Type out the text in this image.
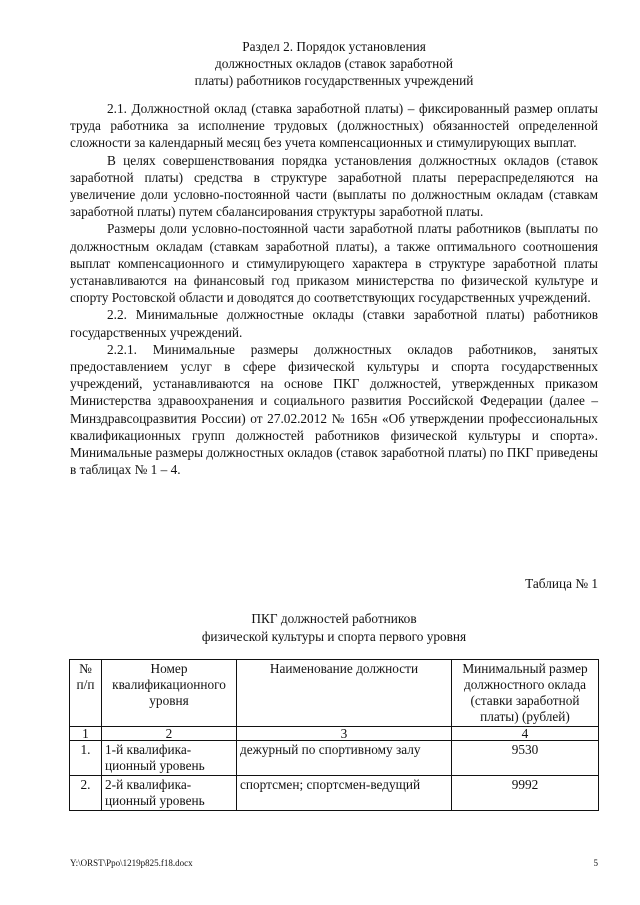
Раздел 2. Порядок установления
должностных окладов (ставок заработной
платы) работников государственных учреждений

2.1. Должностной оклад (ставка заработной платы) – фиксированный размер оплаты труда работника за исполнение трудовых (должностных) обязанностей определенной сложности за календарный месяц без учета компенсационных и стимулирующих выплат.

В целях совершенствования порядка установления должностных окладов (ставок заработной платы) средства в структуре заработной платы перераспределяются на увеличение доли условно-постоянной части (выплаты по должностным окладам (ставкам заработной платы) путем сбалансирования структуры заработной платы.

Размеры доли условно-постоянной части заработной платы работников (выплаты по должностным окладам (ставкам заработной платы), а также оптимального соотношения выплат компенсационного и стимулирующего характера в структуре заработной платы устанавливаются на финансовый год приказом министерства по физической культуре и спорту Ростовской области и доводятся до соответствующих государственных учреждений.

2.2. Минимальные должностные оклады (ставки заработной платы) работников государственных учреждений.

2.2.1. Минимальные размеры должностных окладов работников, занятых предоставлением услуг в сфере физической культуры и спорта государственных учреждений, устанавливаются на основе ПКГ должностей, утвержденных приказом Министерства здравоохранения и социального развития Российской Федерации (далее – Минздравсоцразвития России) от 27.02.2012 № 165н «Об утверждении профессиональных квалификационных групп должностей работников физической культуры и спорта». Минимальные размеры должностных окладов (ставок заработной платы) по ПКГ приведены в таблицах № 1 – 4.

Таблица № 1
ПКГ должностей работников
физической культуры и спорта первого уровня
№ п/п	Номер квалификационного уровня	Наименование должности	Минимальный размер должностного оклада (ставки заработной платы) (рублей)
1	2	3	4
1.	1-й квалифика-ционный уровень	дежурный по спортивному залу	9530
2.	2-й квалифика-ционный уровень	спортсмен; спортсмен-ведущий	9992
Y:\ORST\Ppo\1219p825.f18.docx	5
